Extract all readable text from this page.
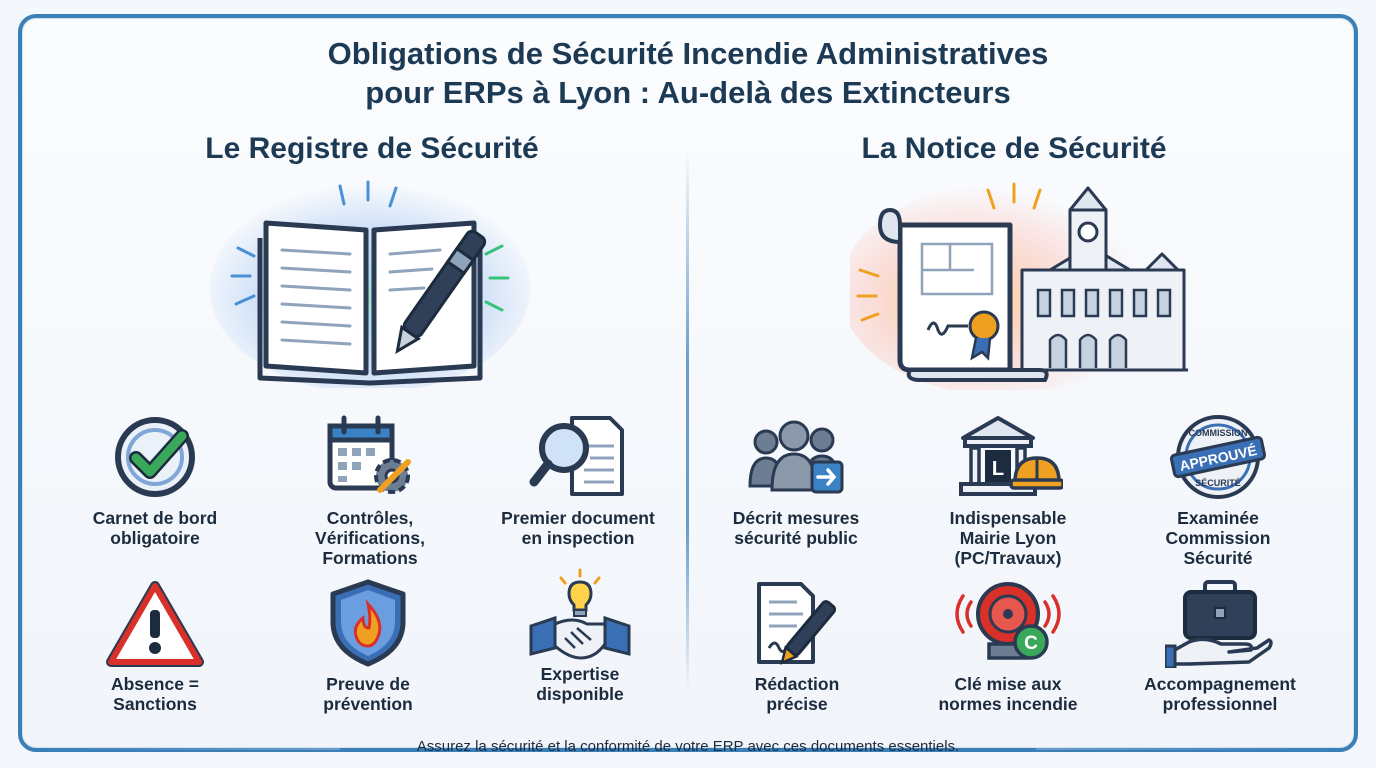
Obligations de Sécurité Incendie Administratives
pour ERPs à Lyon : Au-delà des Extincteurs
Le Registre de Sécurité	La Notice de Sécurité
Carnet de bord
obligatoire
Contrôles,
Vérifications,
Formations
Premier document
en inspection
Absence =
Sanctions
Preuve de
prévention
Expertise
disponible
Décrit mesures
sécurité public
L
Indispensable
Mairie Lyon
(PC/Travaux)
COMMISSION
APPROUVÉ
SÉCURITÉ
Examinée
Commission
Sécurité
Rédaction
précise
C
Clé mise aux
normes incendie
Accompagnement
professionnel
Assurez la sécurité et la conformité de votre ERP avec ces documents essentiels.
